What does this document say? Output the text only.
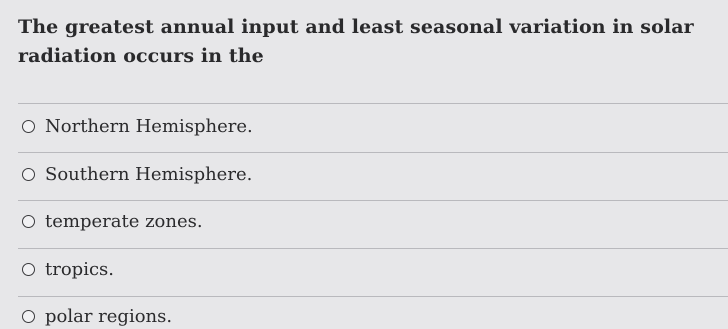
The greatest annual input and least seasonal variation in solar radiation occurs in the

Northern Hemisphere.
Southern Hemisphere.
temperate zones.
tropics.
polar regions.
